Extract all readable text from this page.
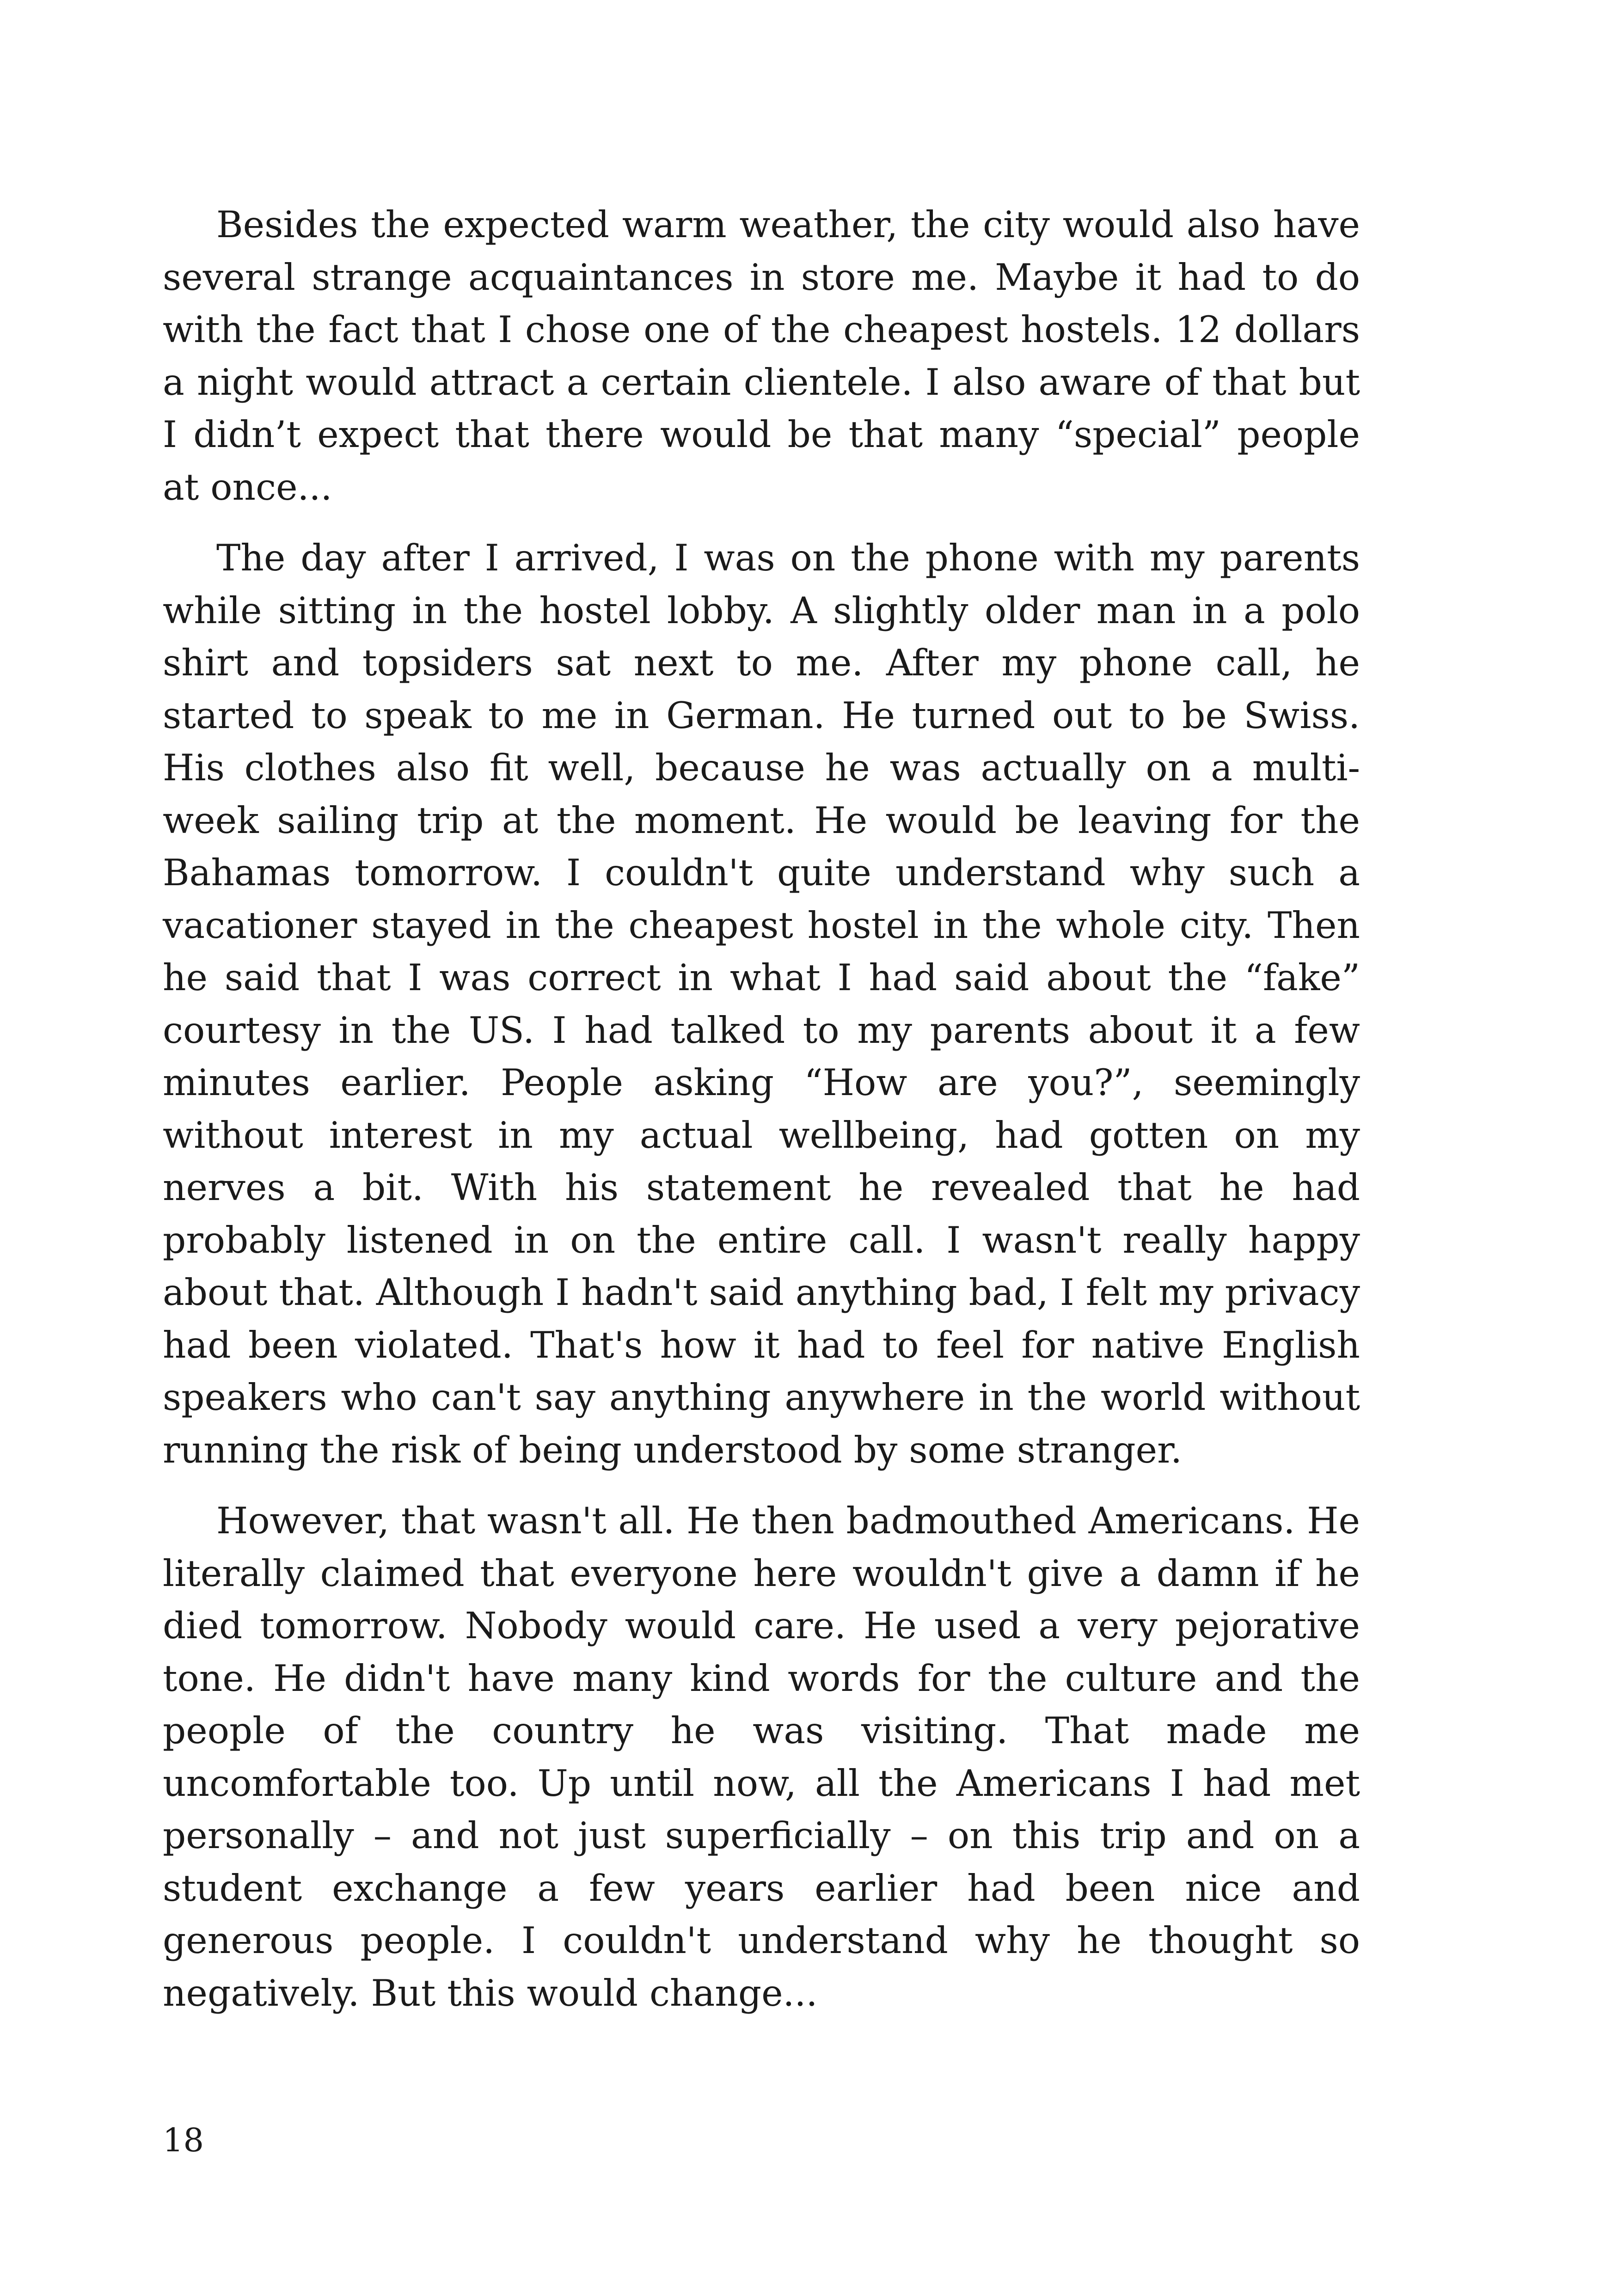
Besides the expected warm weather, the city would also have several strange acquaintances in store me. Maybe it had to do with the fact that I chose one of the cheapest hostels. 12 dollars a night would attract a certain clientele. I also aware of that but I didn’t expect that there would be that many “special” people at once...

The day after I arrived, I was on the phone with my parents while sitting in the hostel lobby. A slightly older man in a polo shirt and topsiders sat next to me. After my phone call, he started to speak to me in German. He turned out to be Swiss. His clothes also fit well, because he was actually on a multi-week sailing trip at the moment. He would be leaving for the Bahamas tomorrow. I couldn't quite understand why such a vacationer stayed in the cheapest hostel in the whole city. Then he said that I was correct in what I had said about the “fake” courtesy in the US. I had talked to my parents about it a few minutes earlier. People asking “How are you?”, seemingly without interest in my actual wellbeing, had gotten on my nerves a bit. With his statement he revealed that he had probably listened in on the entire call. I wasn't really happy about that. Although I hadn't said anything bad, I felt my privacy had been violated. That's how it had to feel for native English speakers who can't say anything anywhere in the world without running the risk of being understood by some stranger.

However, that wasn't all. He then badmouthed Americans. He literally claimed that everyone here wouldn't give a damn if he died tomorrow. Nobody would care. He used a very pejorative tone. He didn't have many kind words for the culture and the people of the country he was visiting. That made me uncomfortable too. Up until now, all the Americans I had met personally – and not just superficially – on this trip and on a student exchange a few years earlier had been nice and generous people. I couldn't understand why he thought so negatively. But this would change...

18
